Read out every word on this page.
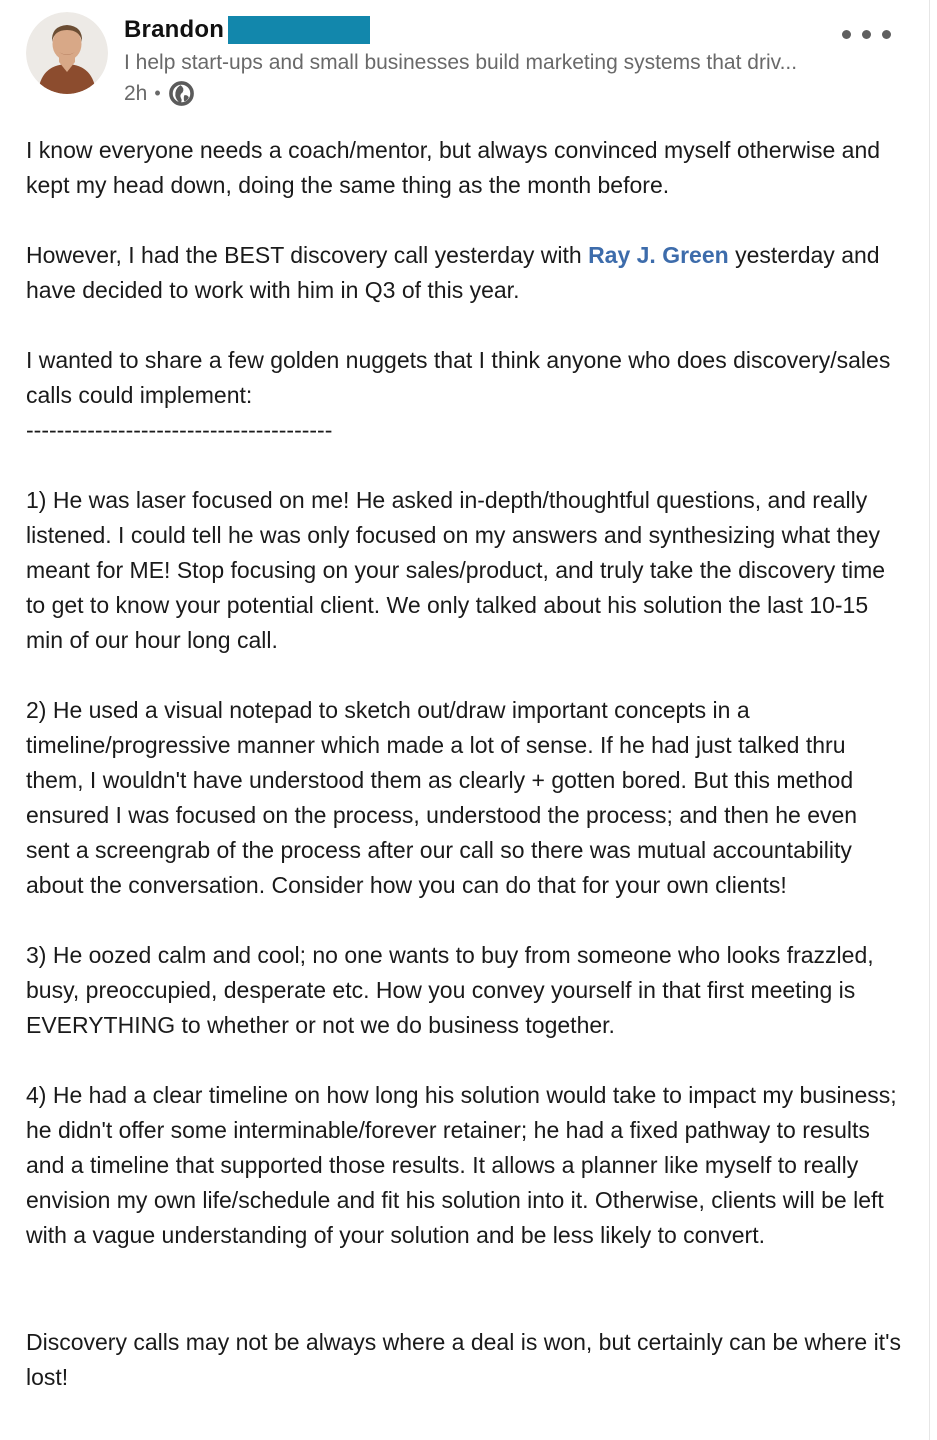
Brandon
I help start-ups and small businesses build marketing systems that driv...
2h •

I know everyone needs a coach/mentor, but always convinced myself otherwise and kept my head down, doing the same thing as the month before.

However, I had the BEST discovery call yesterday with Ray J. Green yesterday and have decided to work with him in Q3 of this year.

I wanted to share a few golden nuggets that I think anyone who does discovery/sales calls could implement:

----------------------------------------

1) He was laser focused on me! He asked in-depth/thoughtful questions, and really listened. I could tell he was only focused on my answers and synthesizing what they meant for ME! Stop focusing on your sales/product, and truly take the discovery time to get to know your potential client. We only talked about his solution the last 10-15 min of our hour long call.

2) He used a visual notepad to sketch out/draw important concepts in a timeline/progressive manner which made a lot of sense. If he had just talked thru them, I wouldn't have understood them as clearly + gotten bored. But this method ensured I was focused on the process, understood the process; and then he even sent a screengrab of the process after our call so there was mutual accountability about the conversation. Consider how you can do that for your own clients!

3) He oozed calm and cool; no one wants to buy from someone who looks frazzled, busy, preoccupied, desperate etc. How you convey yourself in that first meeting is EVERYTHING to whether or not we do business together.

4) He had a clear timeline on how long his solution would take to impact my business; he didn't offer some interminable/forever retainer; he had a fixed pathway to results and a timeline that supported those results. It allows a planner like myself to really envision my own life/schedule and fit his solution into it. Otherwise, clients will be left with a vague understanding of your solution and be less likely to convert.

Discovery calls may not be always where a deal is won, but certainly can be where it's lost!
